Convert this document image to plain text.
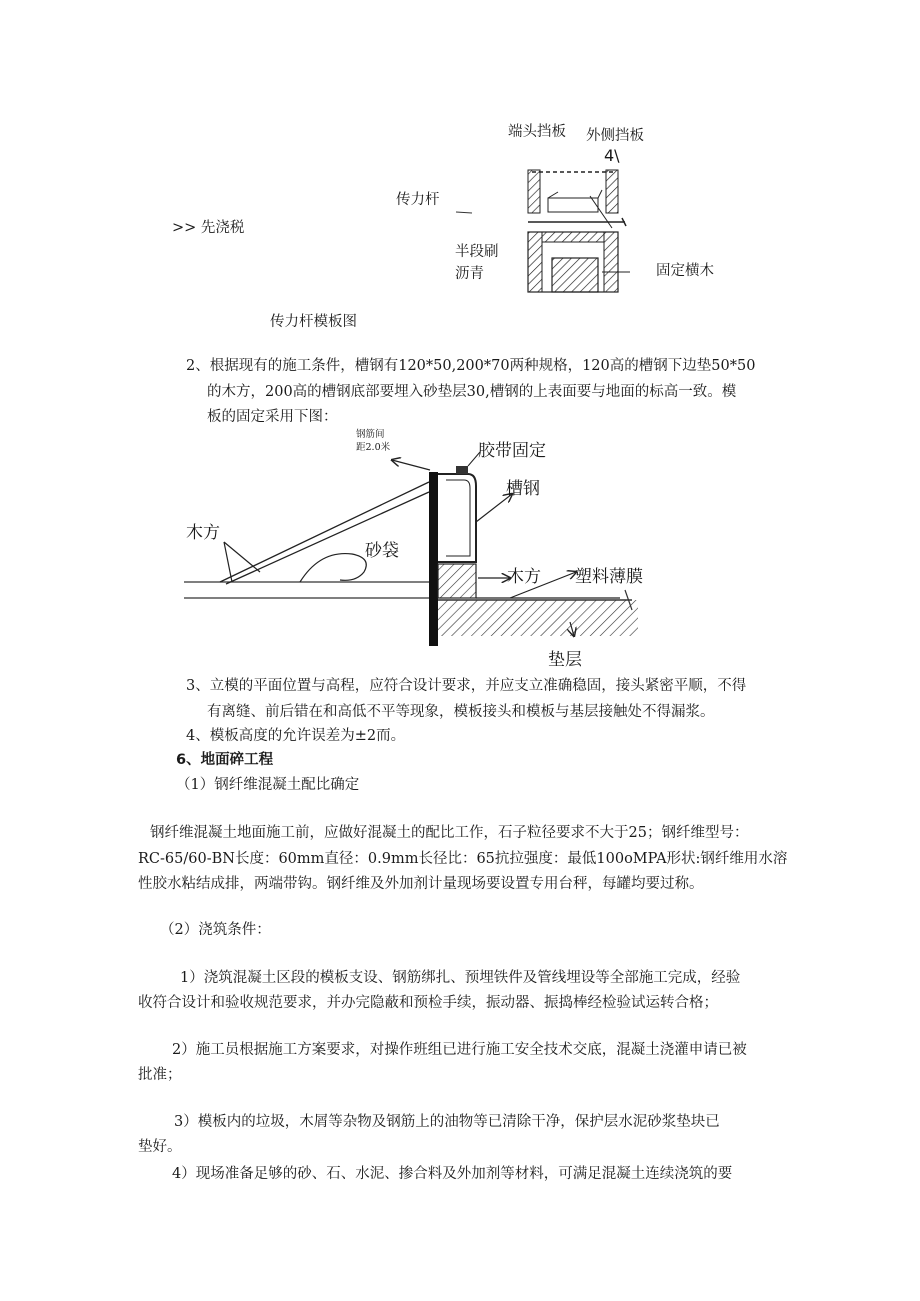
端头挡板 外侧挡板
4\
传力杆
>> 先浇税
半段刷
沥青	固定横木
传力杆模板图
2、根据现有的施工条件，槽钢有120*50,200*70两种规格，120高的槽钢下边垫50*50
的木方，200高的槽钢底部要埋入砂垫层30,槽钢的上表面要与地面的标高一致。模
板的固定采用下图：
钢筋间
距2.0米	胶带固定
槽钢
木方
砂袋
木方 塑料薄膜
垫层
3、立模的平面位置与高程，应符合设计要求，并应支立准确稳固，接头紧密平顺，不得
有离缝、前后错在和高低不平等现象，模板接头和模板与基层接触处不得漏浆。
4、模板高度的允许误差为±2而。
6、地面碎工程
（1）钢纤维混凝土配比确定
钢纤维混凝土地面施工前，应做好混凝土的配比工作，石子粒径要求不大于25；钢纤维型号：
RC-65/60-BN长度：60mm直径：0.9mm长径比：65抗拉强度：最低100oMPA形状:钢纤维用水溶
性胶水粘结成排，两端带钩。钢纤维及外加剂计量现场要设置专用台秤，每罐均要过称。
（2）浇筑条件：
1）浇筑混凝土区段的模板支设、钢筋绑扎、预埋铁件及管线埋设等全部施工完成，经验
收符合设计和验收规范要求，并办完隐蔽和预检手续，振动器、振捣棒经检验试运转合格；
2）施工员根据施工方案要求，对操作班组已进行施工安全技术交底，混凝土浇灌申请已被
批准；
3）模板内的垃圾，木屑等杂物及钢筋上的油物等已清除干净，保护层水泥砂浆垫块已
垫好。
4）现场准备足够的砂、石、水泥、掺合料及外加剂等材料，可满足混凝土连续浇筑的要
